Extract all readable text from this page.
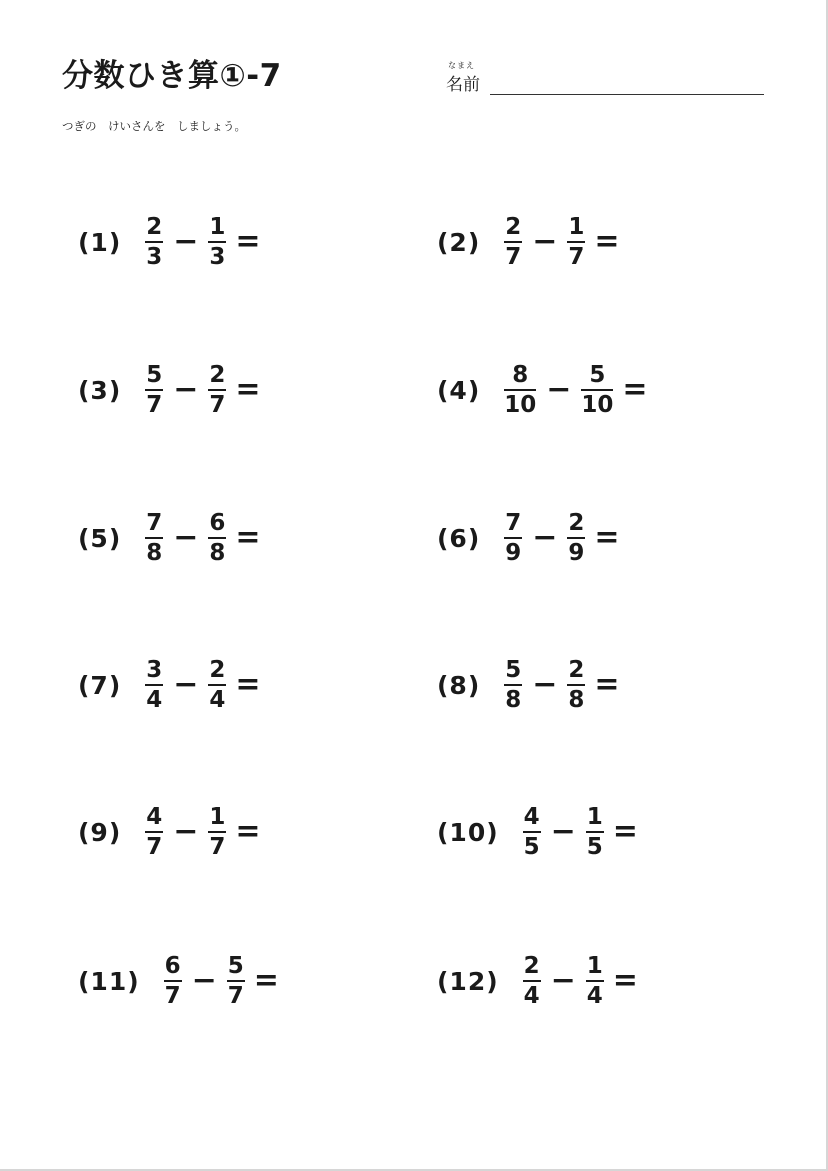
分数ひき算①-7	なまえ
名前
つぎの　けいさんを　しましょう。
$(1) \frac{2}{3} - \frac{1}{3}$ =
$(3) \frac{5}{7} - \frac{2}{7}$ =
$(5) \frac{7}{8} - \frac{6}{8}$ =
$(7) \frac{3}{4} - \frac{2}{4}$ =
$(9) \frac{4}{7} - \frac{1}{7}$ =
$(11) \frac{6}{7} - \frac{5}{7}$ =
$(2) \frac{2}{7} - \frac{1}{7}$ =
$(4) \frac{8}{10} - \frac{5}{10}$ =
$(6) \frac{7}{9} - \frac{2}{9}$ =
$(8) \frac{5}{8} - \frac{2}{8}$ =
$(10) \frac{4}{5} - \frac{1}{5}$ =
$(12) \frac{2}{4} - \frac{1}{4}$ =
